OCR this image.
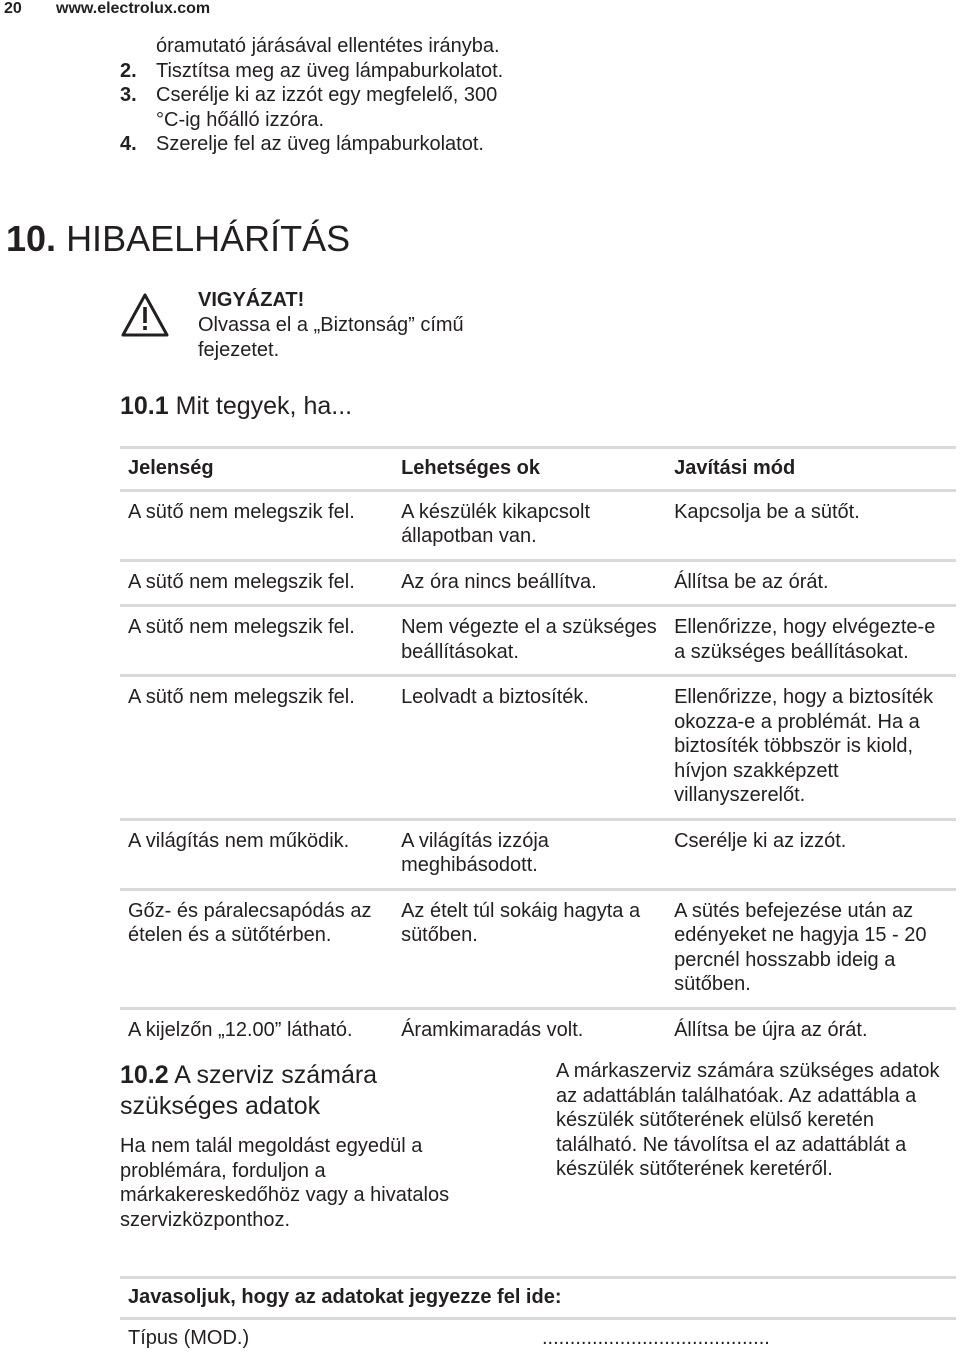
20 www.electrolux.com
óramutató járásával ellentétes irányba.
2. Tisztítsa meg az üveg lámpaburkolatot.
3. Cserélje ki az izzót egy megfelelő, 300 °C-ig hőálló izzóra.
4. Szerelje fel az üveg lámpaburkolatot.
10. HIBAELHÁRÍTÁS
VIGYÁZAT!
Olvassa el a „Biztonság” című fejezetet.
10.1 Mit tegyek, ha...
Jelenség	Lehetséges ok	Javítási mód
A sütő nem melegszik fel.	A készülék kikapcsolt állapotban van.	Kapcsolja be a sütőt.
A sütő nem melegszik fel.	Az óra nincs beállítva.	Állítsa be az órát.
A sütő nem melegszik fel.	Nem végezte el a szükséges beállításokat.	Ellenőrizze, hogy elvégezte-e a szükséges beállításokat.
A sütő nem melegszik fel.	Leolvadt a biztosíték.	Ellenőrizze, hogy a biztosíték okozza-e a problémát. Ha a biztosíték többször is kiold, hívjon szakképzett villanyszerelőt.
A világítás nem működik.	A világítás izzója meghibásodott.	Cserélje ki az izzót.
Gőz- és páralecsapódás az ételen és a sütőtérben.	Az ételt túl sokáig hagyta a sütőben.	A sütés befejezése után az edényeket ne hagyja 15 - 20 percnél hosszabb ideig a sütőben.
A kijelzőn „12.00” látható.	Áramkimaradás volt.	Állítsa be újra az órát.
10.2 A szerviz számára szükséges adatok
Ha nem talál megoldást egyedül a problémára, forduljon a márkakereskedőhöz vagy a hivatalos szervizközponthoz.
A márkaszerviz számára szükséges adatok az adattáblán találhatóak. Az adattábla a készülék sütőterének elülső keretén található. Ne távolítsa el az adattáblát a készülék sütőterének keretéről.
Javasoljuk, hogy az adatokat jegyezze fel ide:
Típus (MOD.)	.........................................
